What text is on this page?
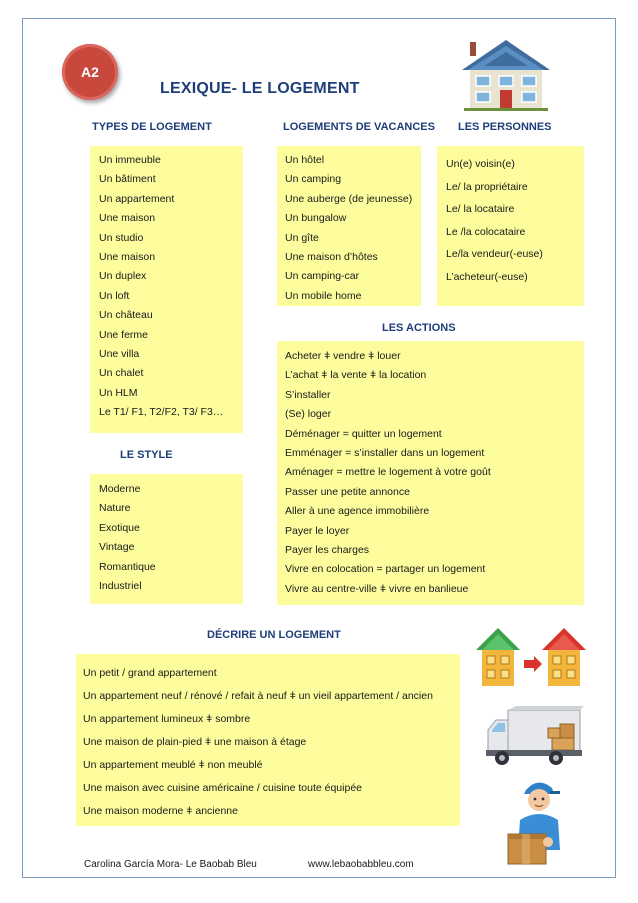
A2
LEXIQUE- LE LOGEMENT
TYPES DE LOGEMENT	LOGEMENTS DE VACANCES LES PERSONNES
LE STYLE
LES ACTIONS
DÉCRIRE UN LOGEMENT
Un immeuble
Un bâtiment
Un appartement
Une maison
Un studio
Une maison
Un duplex
Un loft
Un château
Une ferme
Une villa
Un chalet
Un HLM
Le T1/ F1, T2/F2, T3/ F3…
Un hôtel
Un camping
Une auberge (de jeunesse)
Un bungalow
Un gîte
Une maison d’hôtes
Un camping-car
Un mobile home
Un(e) voisin(e)
Le/ la propriétaire
Le/ la locataire
Le /la colocataire
Le/la vendeur(-euse)
L’acheteur(-euse)
Moderne
Nature
Exotique
Vintage
Romantique
Industriel
Acheter ǂ vendre ǂ louer
L’achat ǂ la vente ǂ la location
S’installer
(Se) loger
Déménager = quitter un logement
Emménager = s’installer dans un logement
Aménager = mettre le logement à votre goût
Passer une petite annonce
Aller à une agence immobilière
Payer le loyer
Payer les charges
Vivre en colocation = partager un logement
Vivre au centre-ville ǂ vivre en banlieue
Un petit / grand appartement
Un appartement neuf / rénové / refait à neuf ǂ un vieil appartement / ancien
Un appartement lumineux ǂ sombre
Une maison de plain-pied ǂ une maison à étage
Un appartement meublé ǂ non meublé
Une maison avec cuisine américaine / cuisine toute équipée
Une maison moderne ǂ ancienne
Carolina García Mora- Le Baobab Bleu	www.lebaobabbleu.com
